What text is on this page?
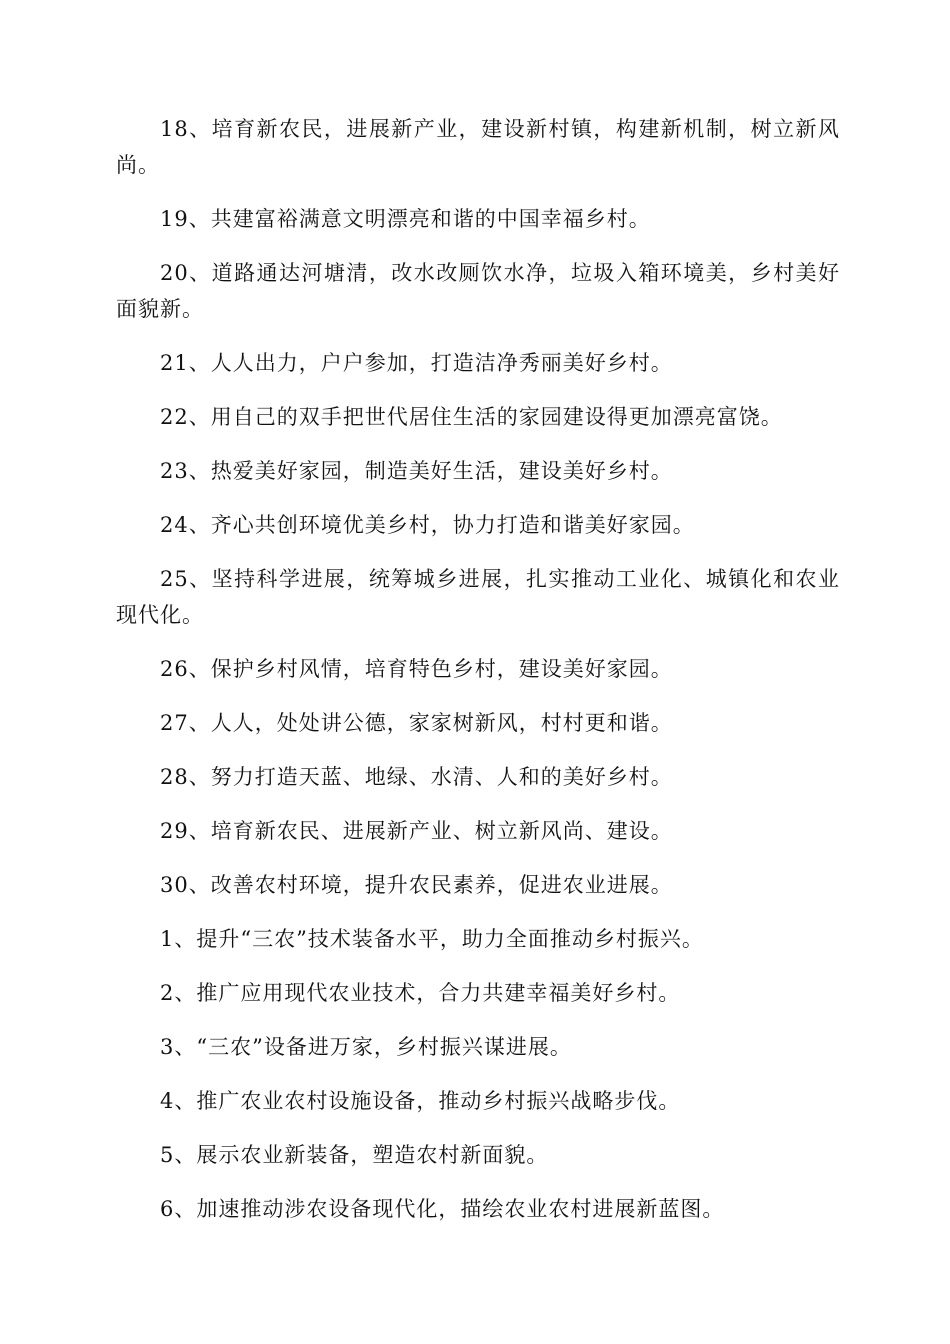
18、培育新农民，进展新产业，建设新村镇，构建新机制，树立新风尚。

19、共建富裕满意文明漂亮和谐的中国幸福乡村。

20、道路通达河塘清，改水改厕饮水净，垃圾入箱环境美，乡村美好面貌新。

21、人人出力，户户参加，打造洁净秀丽美好乡村。

22、用自己的双手把世代居住生活的家园建设得更加漂亮富饶。

23、热爱美好家园，制造美好生活，建设美好乡村。

24、齐心共创环境优美乡村，协力打造和谐美好家园。

25、坚持科学进展，统筹城乡进展，扎实推动工业化、城镇化和农业现代化。

26、保护乡村风情，培育特色乡村，建设美好家园。

27、人人，处处讲公德，家家树新风，村村更和谐。

28、努力打造天蓝、地绿、水清、人和的美好乡村。

29、培育新农民、进展新产业、树立新风尚、建设。

30、改善农村环境，提升农民素养，促进农业进展。

1、提升“三农”技术装备水平，助力全面推动乡村振兴。

2、推广应用现代农业技术，合力共建幸福美好乡村。

3、“三农”设备进万家，乡村振兴谋进展。

4、推广农业农村设施设备，推动乡村振兴战略步伐。

5、展示农业新装备，塑造农村新面貌。

6、加速推动涉农设备现代化，描绘农业农村进展新蓝图。
